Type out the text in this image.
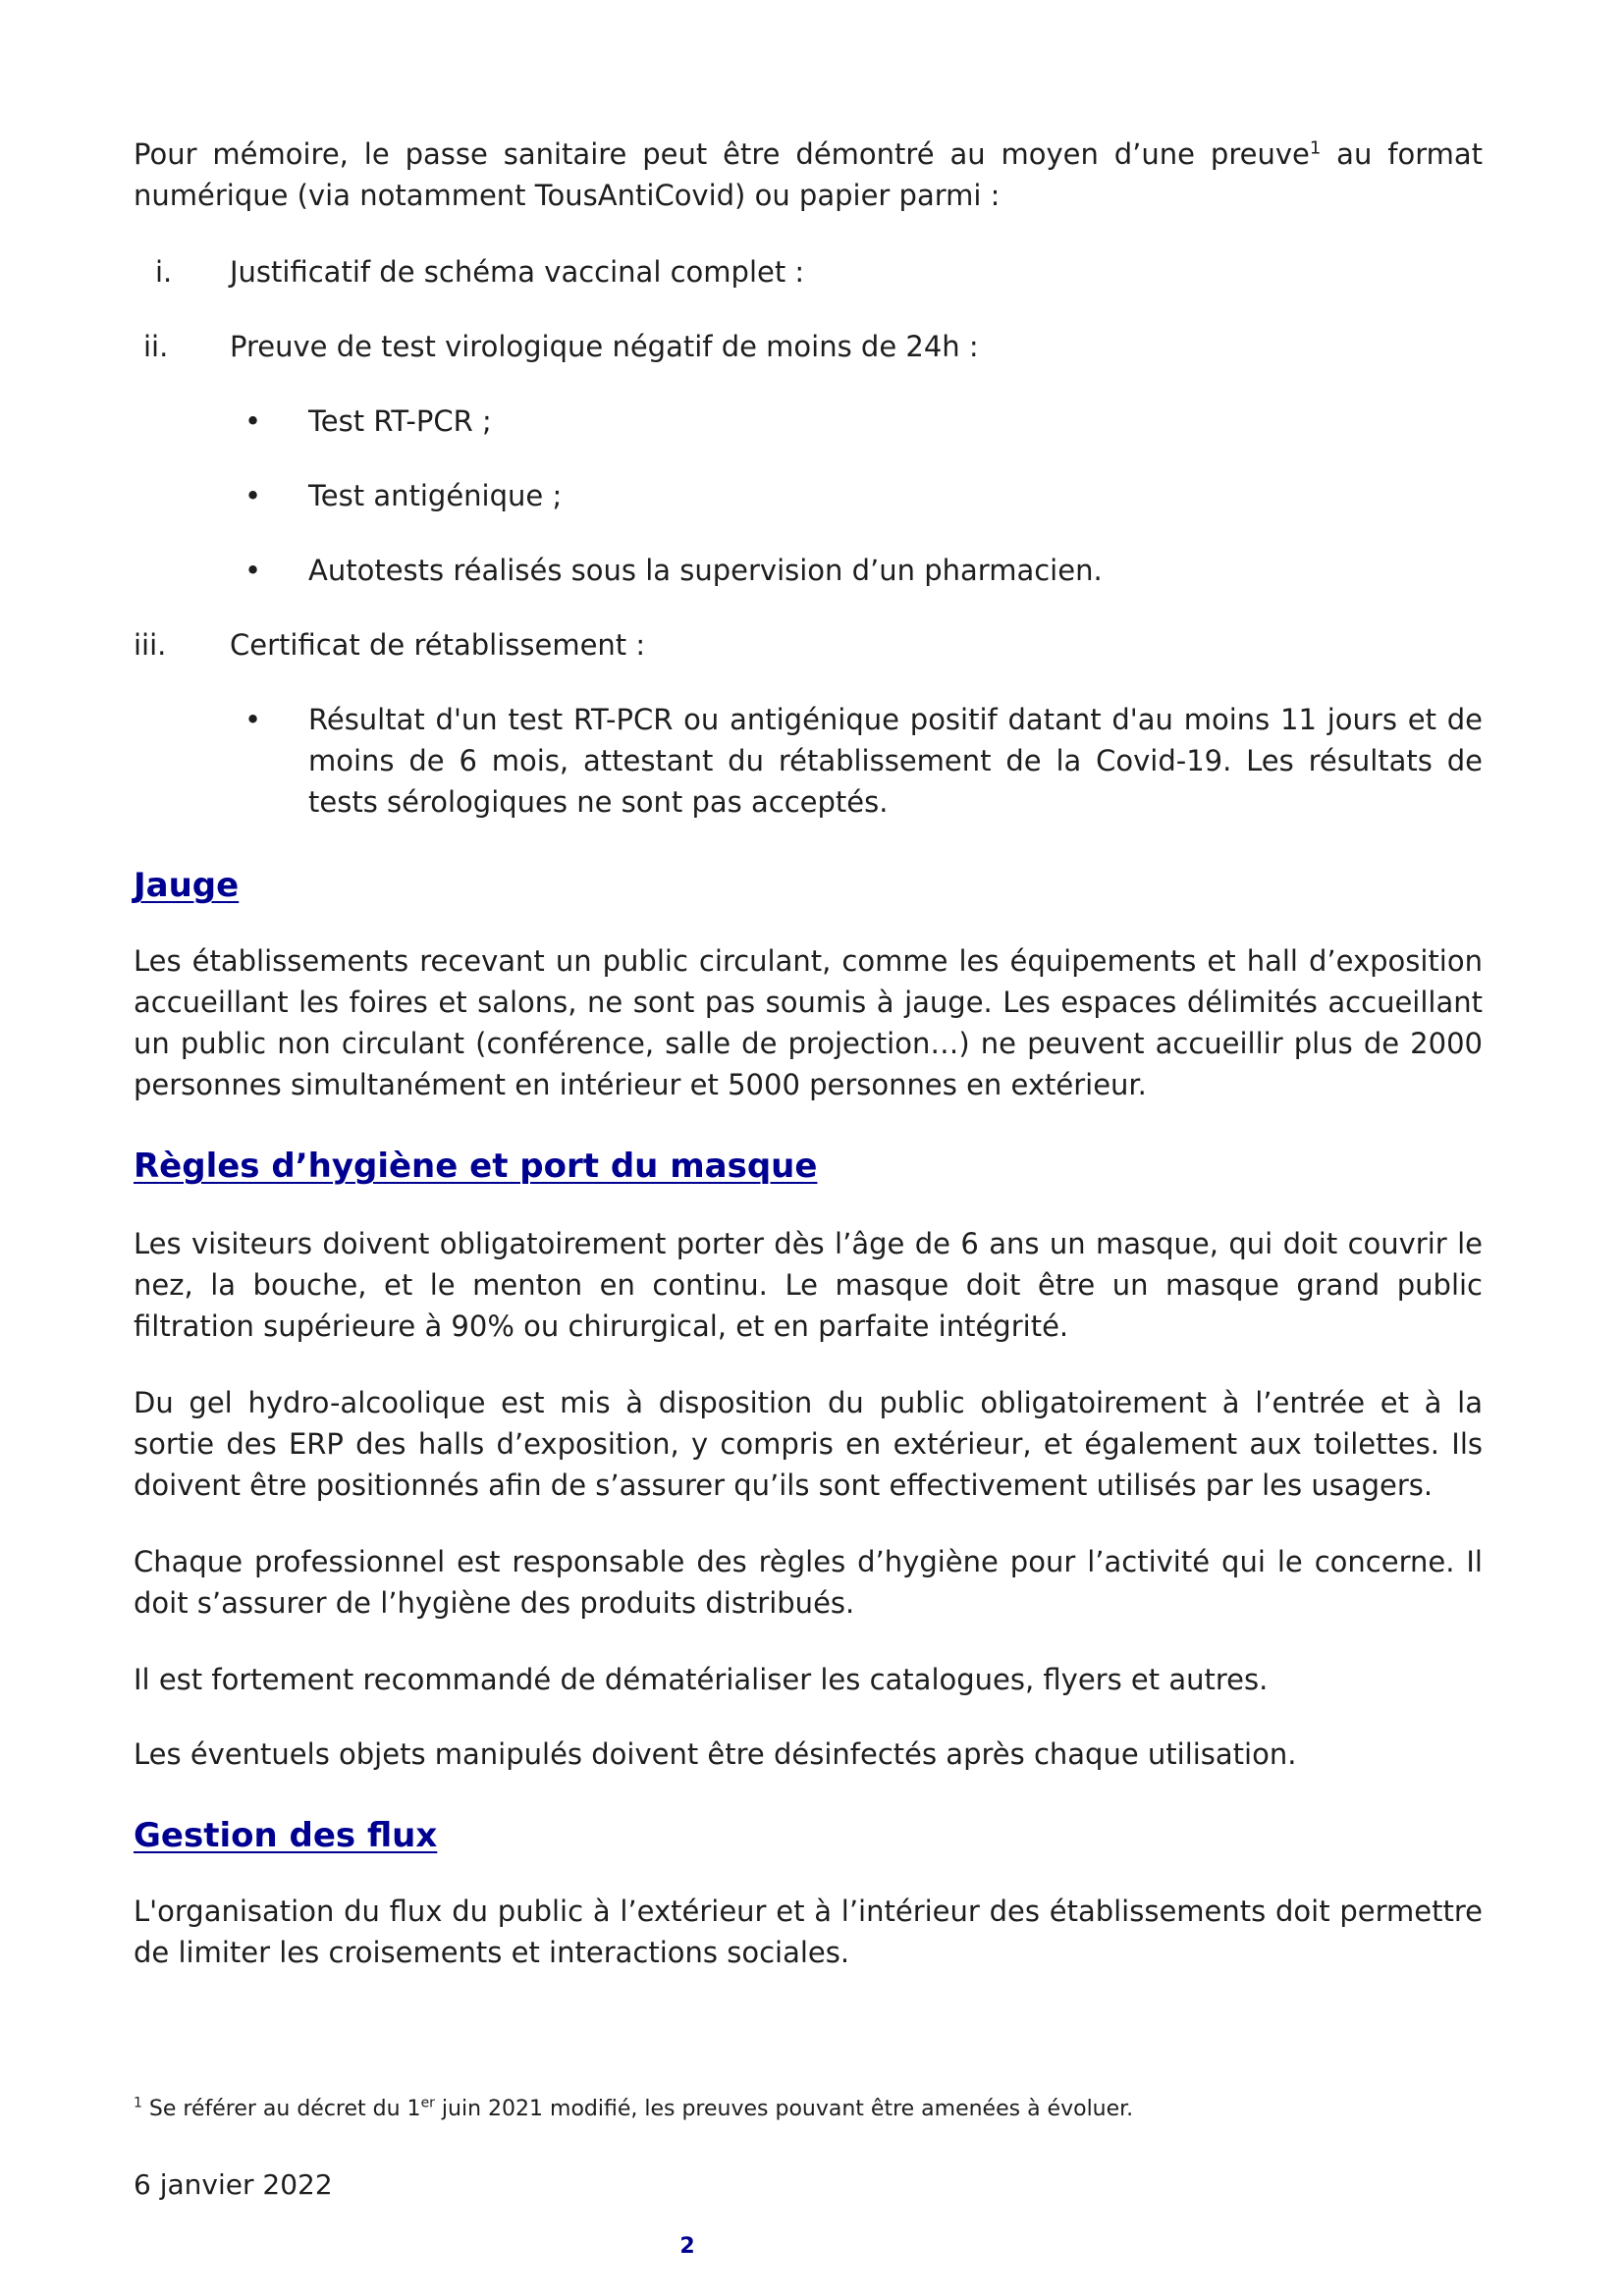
Pour mémoire, le passe sanitaire peut être démontré au moyen d’une preuve$^1$ au format numérique (via notamment TousAntiCovid) ou papier parmi :

i. Justificatif de schéma vaccinal complet :
ii. Preuve de test virologique négatif de moins de 24h :
• Test RT-PCR ;
• Test antigénique ;
• Autotests réalisés sous la supervision d’un pharmacien.
iii. Certificat de rétablissement :
• Résultat d'un test RT-PCR ou antigénique positif datant d'au moins 11 jours et de moins de 6 mois, attestant du rétablissement de la Covid-19. Les résultats de tests sérologiques ne sont pas acceptés.
Jauge

Les établissements recevant un public circulant, comme les équipements et hall d’exposition accueillant les foires et salons, ne sont pas soumis à jauge. Les espaces délimités accueillant un public non circulant (conférence, salle de projection…) ne peuvent accueillir plus de 2000 personnes simultanément en intérieur et 5000 personnes en extérieur.

Règles d’hygiène et port du masque

Les visiteurs doivent obligatoirement porter dès l’âge de 6 ans un masque, qui doit couvrir le nez, la bouche, et le menton en continu. Le masque doit être un masque grand public filtration supérieure à 90% ou chirurgical, et en parfaite intégrité.

Du gel hydro-alcoolique est mis à disposition du public obligatoirement à l’entrée et à la sortie des ERP des halls d’exposition, y compris en extérieur, et également aux toilettes. Ils doivent être positionnés afin de s’assurer qu’ils sont effectivement utilisés par les usagers.

Chaque professionnel est responsable des règles d’hygiène pour l’activité qui le concerne. Il doit s’assurer de l’hygiène des produits distribués.

Il est fortement recommandé de dématérialiser les catalogues, flyers et autres.

Les éventuels objets manipulés doivent être désinfectés après chaque utilisation.

Gestion des flux

L'organisation du flux du public à l’extérieur et à l’intérieur des établissements doit permettre de limiter les croisements et interactions sociales.

$^1$ Se référer au décret du 1er juin 2021 modifié, les preuves pouvant être amenées à évoluer.
6 janvier 2022
2
